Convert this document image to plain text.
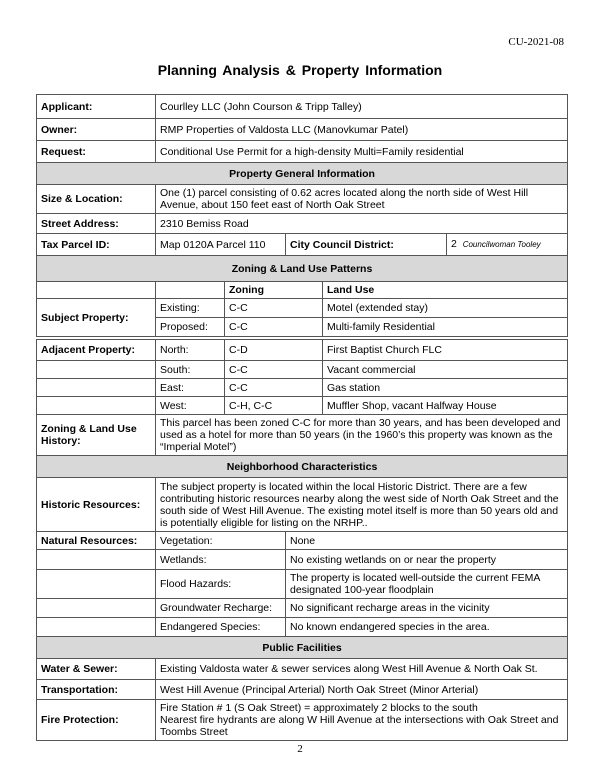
CU-2021-08
Planning Analysis & Property Information
Applicant:	Courlley LLC (John Courson & Tripp Talley)				
Owner:	RMP Properties of Valdosta LLC (Manovkumar Patel)				
Request:	Conditional Use Permit for a high-density Multi=Family residential				
Property General Information					
Size & Location:	One (1) parcel consisting of 0.62 acres located along the north side of West Hill Avenue, about 150 feet east of North Oak Street				
Street Address:	2310 Bemiss Road				
Tax Parcel ID:	Map 0120A Parcel 110		City Council District:		2 Councilwoman Tooley
Zoning & Land Use Patterns					
		Zoning		Land Use	
Subject Property:	Existing:	C-C		Motel (extended stay)	
	Proposed:	C-C		Multi-family Residential	

Adjacent Property:	North:	C-D		First Baptist Church FLC	
	South:	C-C		Vacant commercial	
	East:	C-C		Gas station	
	West:	C-H, C-C		Muffler Shop, vacant Halfway House	
Zoning & Land Use History:	This parcel has been zoned C-C for more than 30 years, and has been developed and used as a hotel for more than 50 years (in the 1960’s this property was known as the “Imperial Motel”)				
Neighborhood Characteristics					
Historic Resources:	The subject property is located within the local Historic District. There are a few contributing historic resources nearby along the west side of North Oak Street and the south side of West Hill Avenue. The existing motel itself is more than 50 years old and is potentially eligible for listing on the NRHP..				
Natural Resources:	Vegetation:		None		
	Wetlands:		No existing wetlands on or near the property		
	Flood Hazards:		The property is located well-outside the current FEMA designated 100-year floodplain		
	Groundwater Recharge:		No significant recharge areas in the vicinity		
	Endangered Species:		No known endangered species in the area.		
Public Facilities					
Water & Sewer:	Existing Valdosta water & sewer services along West Hill Avenue & North Oak St.				
Transportation:	West Hill Avenue (Principal Arterial) North Oak Street (Minor Arterial)				
Fire Protection:	Fire Station # 1 (S Oak Street) = approximately 2 blocks to the south
Nearest fire hydrants are along W Hill Avenue at the intersections with Oak Street and Toombs Street				
2
